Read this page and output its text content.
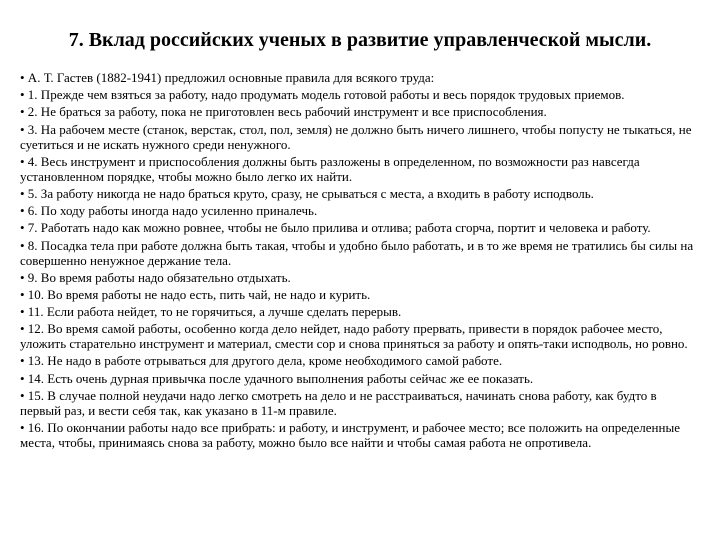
7. Вклад российских ученых в развитие управленческой мысли.
• А. Т. Гастев (1882-1941) предложил основные правила для всякого труда:
• 1. Прежде чем взяться за работу, надо продумать модель готовой работы и весь порядок трудовых приемов.
• 2. Не браться за работу, пока не приготовлен весь рабочий инструмент и все приспособления.
• 3. На рабочем месте (станок, верстак, стол, пол, земля) не должно быть ничего лишнего, чтобы попусту не тыкаться, не суетиться и не искать нужного среди ненужного.
• 4. Весь инструмент и приспособления должны быть разложены в определенном, по возможности раз навсегда установленном порядке, чтобы можно было легко их найти.
• 5. За работу никогда не надо браться круто, сразу, не срываться с места, а входить в работу исподволь.
• 6. По ходу работы иногда надо усиленно приналечь.
• 7. Работать надо как можно ровнее, чтобы не было прилива и отлива; работа сгорча, портит и человека и работу.
• 8. Посадка тела при работе должна быть такая, чтобы и удобно было работать, и в то же время не тратились бы силы на совершенно ненужное держание тела.
• 9. Во время работы надо обязательно отдыхать.
• 10. Во время работы не надо есть, пить чай, не надо и курить.
• 11. Если работа нейдет, то не горячиться, а лучше сделать перерыв.
• 12. Во время самой работы, особенно когда дело нейдет, надо работу прервать, привести в порядок рабочее место, уложить старательно инструмент и материал, смести сор и снова приняться за работу и опять-таки исподволь, но ровно.
• 13. Не надо в работе отрываться для другого дела, кроме необходимого самой работе.
• 14. Есть очень дурная привычка после удачного выполнения работы сейчас же ее показать.
• 15. В случае полной неудачи надо легко смотреть на дело и не расстраиваться, начинать снова работу, как будто в первый раз, и вести себя так, как указано в 11-м правиле.
• 16. По окончании работы надо все прибрать: и работу, и инструмент, и рабочее место; все положить на определенные места, чтобы, принимаясь снова за работу, можно было все найти и чтобы самая работа не опротивела.
